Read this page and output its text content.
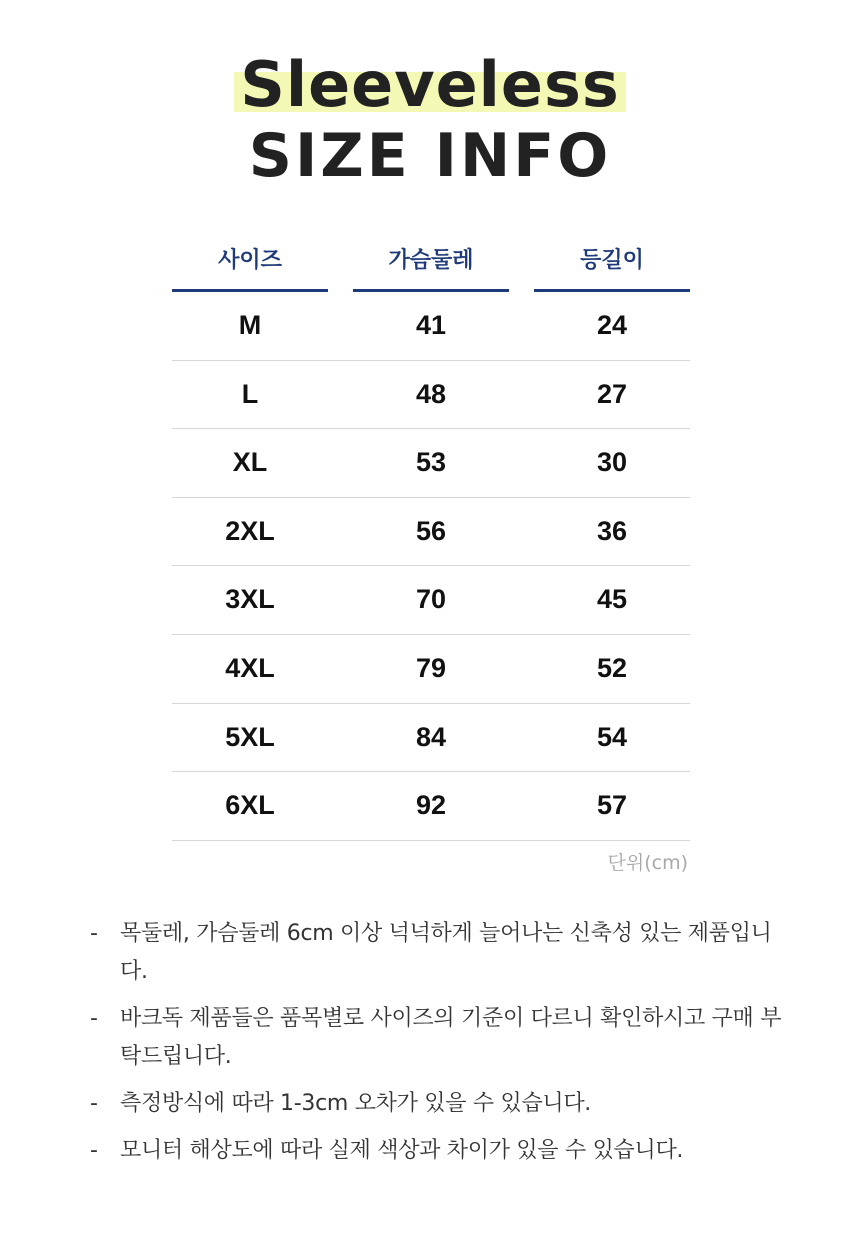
Sleeveless
SIZE INFO
사이즈	가슴둘레	등길이
M	41	24
L	48	27
XL	53	30
2XL	56	36
3XL	70	45
4XL	79	52
5XL	84	54
6XL	92	57
단위(cm)
- 목둘레, 가슴둘레 6cm 이상 넉넉하게 늘어나는 신축성 있는 제품입니다.
- 바크독 제품들은 품목별로 사이즈의 기준이 다르니 확인하시고 구매 부탁드립니다.
- 측정방식에 따라 1-3cm 오차가 있을 수 있습니다.
- 모니터 해상도에 따라 실제 색상과 차이가 있을 수 있습니다.
